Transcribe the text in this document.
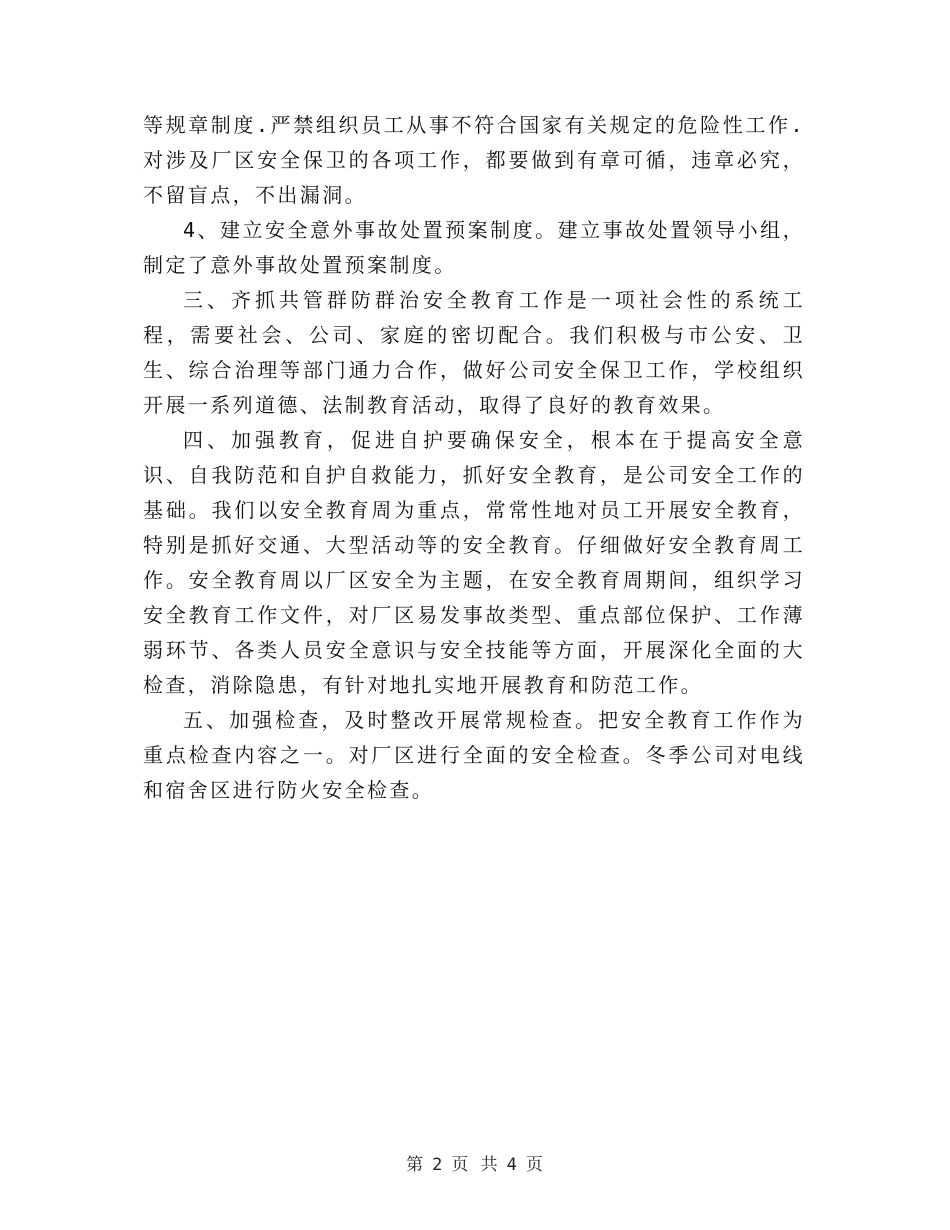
等规章制度.严禁组织员工从事不符合国家有关规定的危险性工作.对涉及厂区安全保卫的各项工作，都要做到有章可循，违章必究，不留盲点，不出漏洞。

4、建立安全意外事故处置预案制度。建立事故处置领导小组，制定了意外事故处置预案制度。

三、齐抓共管群防群治安全教育工作是一项社会性的系统工程，需要社会、公司、家庭的密切配合。我们积极与市公安、卫生、综合治理等部门通力合作，做好公司安全保卫工作，学校组织开展一系列道德、法制教育活动，取得了良好的教育效果。

四、加强教育，促进自护要确保安全，根本在于提高安全意识、自我防范和自护自救能力，抓好安全教育，是公司安全工作的基础。我们以安全教育周为重点，常常性地对员工开展安全教育，特别是抓好交通、大型活动等的安全教育。仔细做好安全教育周工作。安全教育周以厂区安全为主题，在安全教育周期间，组织学习安全教育工作文件，对厂区易发事故类型、重点部位保护、工作薄弱环节、各类人员安全意识与安全技能等方面，开展深化全面的大检查，消除隐患，有针对地扎实地开展教育和防范工作。

五、加强检查，及时整改开展常规检查。把安全教育工作作为重点检查内容之一。对厂区进行全面的安全检查。冬季公司对电线和宿舍区进行防火安全检查。

第 2 页 共 4 页
